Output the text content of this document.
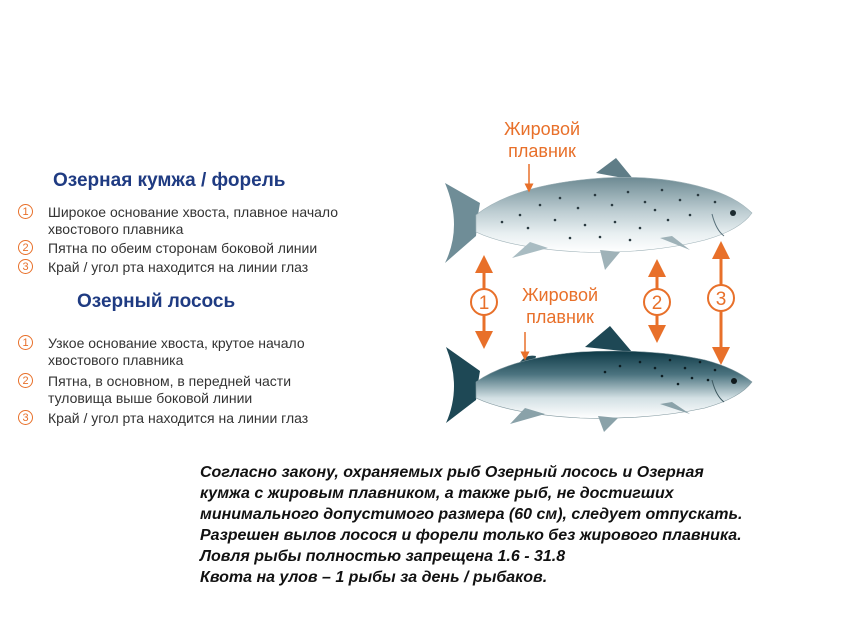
Озерная кумжа / форель
1	Широкое основание хвоста, плавное начало
хвостового плавника
2	Пятна по обеим сторонам боковой линии
3	Край / угол рта находится на линии глаз
Озерный лосось
1	Узкое основание хвоста, крутое начало
хвостового плавника
2	Пятна, в основном, в передней части
туловища выше боковой линии
3	Край / угол рта находится на линии глаз
Жировой
плавник
Жировой
плавник
1	2	3
Согласно закону, охраняемых рыб Озерный лосось и Озерная
кумжа с жировым плавником, а также рыб, не достигших
минимального допустимого размера (60 см), следует отпускать.
Разрешен вылов лосося и форели только без жирового плавника.
Ловля рыбы полностью запрещена 1.6 - 31.8
Квота на улов – 1 рыбы за день / рыбаков.
